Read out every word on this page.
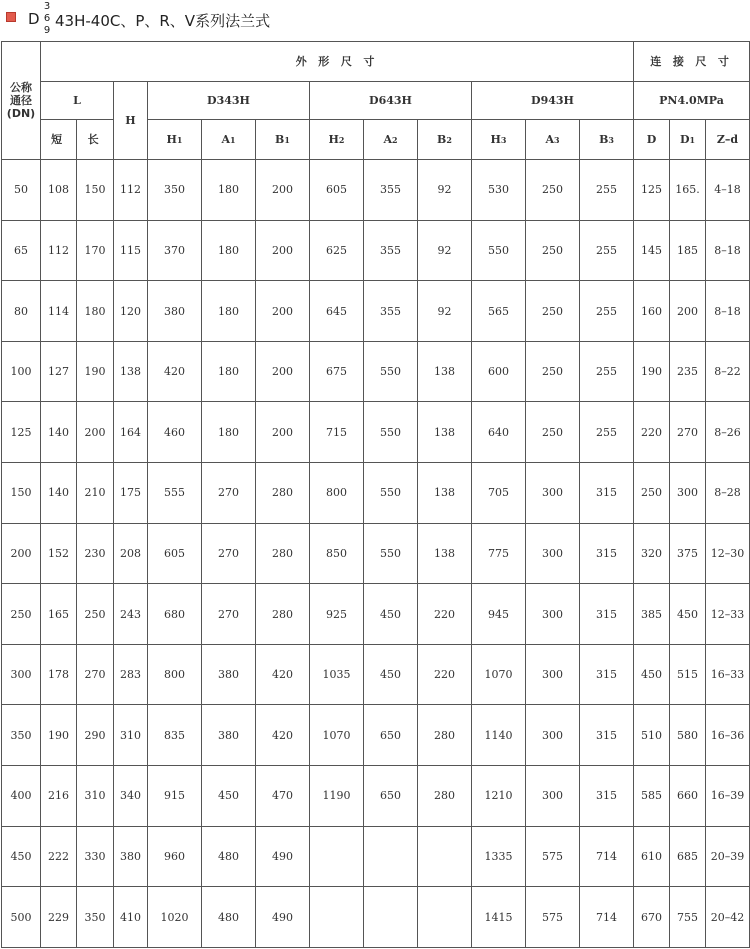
D
3
6
9
43H-40C、P、R、V系列法兰式
公称
通径
(DN)	外 形 尺 寸												连 接 尺 寸		
	L		H	D343H			D643H			D943H			PN4.0MPa		
	短	长		H1	A1	B1	H2	A2	B2	H3	A3	B3	D	D1	Z–d
50	108	150	112	350	180	200	605	355	92	530	250	255	125	165.	4–18
65	112	170	115	370	180	200	625	355	92	550	250	255	145	185	8–18
80	114	180	120	380	180	200	645	355	92	565	250	255	160	200	8–18
100	127	190	138	420	180	200	675	550	138	600	250	255	190	235	8–22
125	140	200	164	460	180	200	715	550	138	640	250	255	220	270	8–26
150	140	210	175	555	270	280	800	550	138	705	300	315	250	300	8–28
200	152	230	208	605	270	280	850	550	138	775	300	315	320	375	12–30
250	165	250	243	680	270	280	925	450	220	945	300	315	385	450	12–33
300	178	270	283	800	380	420	1035	450	220	1070	300	315	450	515	16–33
350	190	290	310	835	380	420	1070	650	280	1140	300	315	510	580	16–36
400	216	310	340	915	450	470	1190	650	280	1210	300	315	585	660	16–39
450	222	330	380	960	480	490				1335	575	714	610	685	20–39
500	229	350	410	1020	480	490				1415	575	714	670	755	20–42
